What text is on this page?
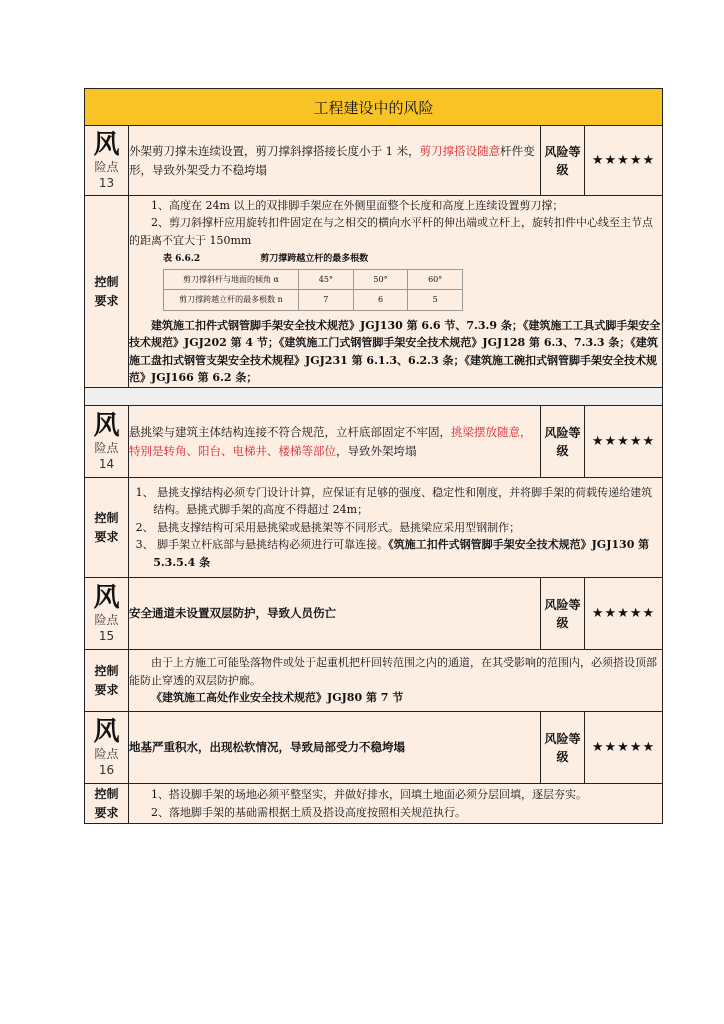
工程建设中的风险

风
险点
13
	外架剪刀撑未连续设置，剪刀撑斜撑搭接长度小于 1 米，剪刀撑搭设随意杆件变形，导致外架受力不稳垮塌	风险等级	★★★★★

控制要求

1、高度在 24m 以上的双排脚手架应在外侧里面整个长度和高度上连续设置剪刀撑；

2、剪刀斜撑杆应用旋转扣件固定在与之相交的横向水平杆的伸出端或立杆上，旋转扣件中心线至主节点的距离不宜大于 150mm

表 6.6.2	剪刀撑跨越立杆的最多根数
剪刀撑斜杆与地面的倾角 α	45°	50°	60°
剪刀撑跨越立杆的最多根数 n	7	6	5

建筑施工扣件式钢管脚手架安全技术规范》JGJ130 第 6.6 节、7.3.9 条；《建筑施工工具式脚手架安全技术规范》JGJ202 第 4 节；《建筑施工门式钢管脚手架安全技术规范》JGJ128 第 6.3、7.3.3 条；《建筑施工盘扣式钢管支架安全技术规程》JGJ231 第 6.1.3、6.2.3 条；《建筑施工碗扣式钢管脚手架安全技术规范》JGJ166 第 6.2 条；

风
险点
14
	悬挑梁与建筑主体结构连接不符合规范，立杆底部固定不牢固，挑梁摆放随意，特别是转角、阳台、电梯井、楼梯等部位，导致外架垮塌	风险等级	★★★★★

控制要求

1、 悬挑支撑结构必须专门设计计算，应保证有足够的强度、稳定性和刚度，并将脚手架的荷载传递给建筑结构。悬挑式脚手架的高度不得超过 24m；

2、 悬挑支撑结构可采用悬挑梁或悬挑架等不同形式。悬挑梁应采用型钢制作；

3、 脚手架立杆底部与悬挑结构必须进行可靠连接。《筑施工扣件式钢管脚手架安全技术规范》JGJ130 第 5.3.5.4 条

风
险点
15
	安全通道未设置双层防护，导致人员伤亡	风险等级	★★★★★

控制要求

由于上方施工可能坠落物件或处于起重机把杆回转范围之内的通道，在其受影响的范围内，必须搭设顶部能防止穿透的双层防护廊。

《建筑施工高处作业安全技术规范》JGJ80 第 7 节

风
险点
16
	地基严重积水，出现松软情况，导致局部受力不稳垮塌	风险等级	★★★★★

控制要求

1、搭设脚手架的场地必须平整坚实，并做好排水，回填土地面必须分层回填，逐层夯实。

2、落地脚手架的基础需根据土质及搭设高度按照相关规范执行。
